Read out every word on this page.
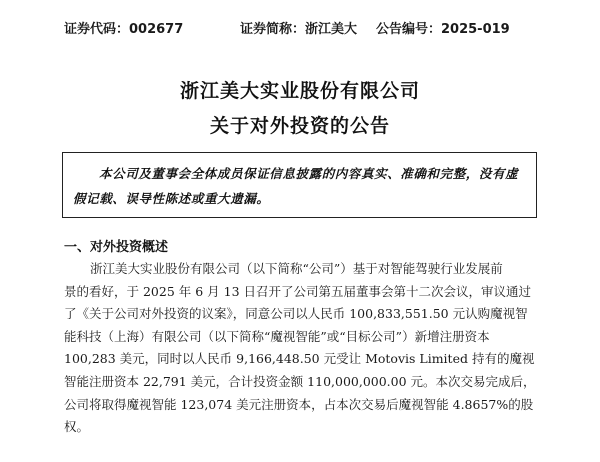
证券代码：002677	证券简称：浙江美大 公告编号：2025-019
浙江美大实业股份有限公司
关于对外投资的公告
本公司及董事会全体成员保证信息披露的内容真实、准确和完整，没有虚假记载、误导性陈述或重大遗漏。
一、对外投资概述
浙江美大实业股份有限公司（以下简称“公司”）基于对智能驾驶行业发展前
景的看好，于 2025 年 6 月 13 日召开了公司第五届董事会第十二次会议，审议通过
了《关于公司对外投资的议案》，同意公司以人民币 100,833,551.50 元认购魔视智
能科技（上海）有限公司（以下简称“魔视智能”或“目标公司”）新增注册资本
100,283 美元，同时以人民币 9,166,448.50 元受让 Motovis Limited 持有的魔视
智能注册资本 22,791 美元，合计投资金额 110,000,000.00 元。本次交易完成后，
公司将取得魔视智能 123,074 美元注册资本，占本次交易后魔视智能 4.8657%的股
权。
